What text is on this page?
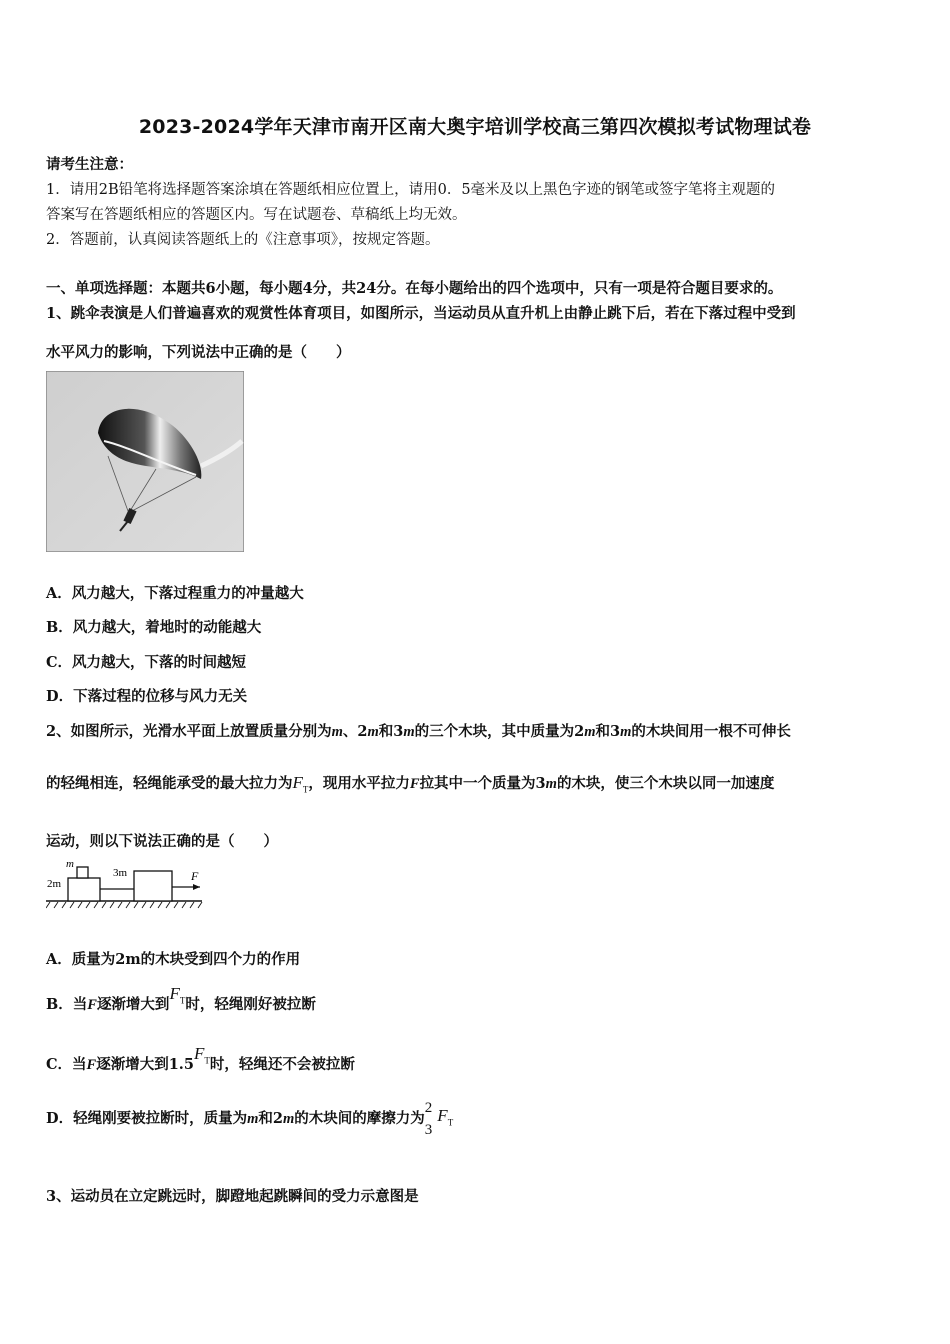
2023-2024学年天津市南开区南大奥宇培训学校高三第四次模拟考试物理试卷
请考生注意：
1．请用2B铅笔将选择题答案涂填在答题纸相应位置上，请用0．5毫米及以上黑色字迹的钢笔或签字笔将主观题的
答案写在答题纸相应的答题区内。写在试题卷、草稿纸上均无效。
2．答题前，认真阅读答题纸上的《注意事项》，按规定答题。
一、单项选择题：本题共6小题，每小题4分，共24分。在每小题给出的四个选项中，只有一项是符合题目要求的。
1、跳伞表演是人们普遍喜欢的观赏性体育项目，如图所示，当运动员从直升机上由静止跳下后，若在下落过程中受到
水平风力的影响，下列说法中正确的是（　　）
A．风力越大，下落过程重力的冲量越大
B．风力越大，着地时的动能越大
C．风力越大，下落的时间越短
D．下落过程的位移与风力无关
2、如图所示，光滑水平面上放置质量分别为m、2m和3m的三个木块，其中质量为2m和3m的木块间用一根不可伸长
的轻绳相连，轻绳能承受的最大拉力为$F_T$，现用水平拉力F拉其中一个质量为3m的木块，使三个木块以同一加速度
运动，则以下说法正确的是（　　）
m
2m
3m	F
A．质量为2m的木块受到四个力的作用
B．当F逐渐增大到$F_T$时，轻绳刚好被拉断
C．当F逐渐增大到$1.5F_T$时，轻绳还不会被拉断
D．轻绳刚要被拉断时，质量为m和2m的木块间的摩擦力为
2
3
$F_T$
3、运动员在立定跳远时，脚蹬地起跳瞬间的受力示意图是
